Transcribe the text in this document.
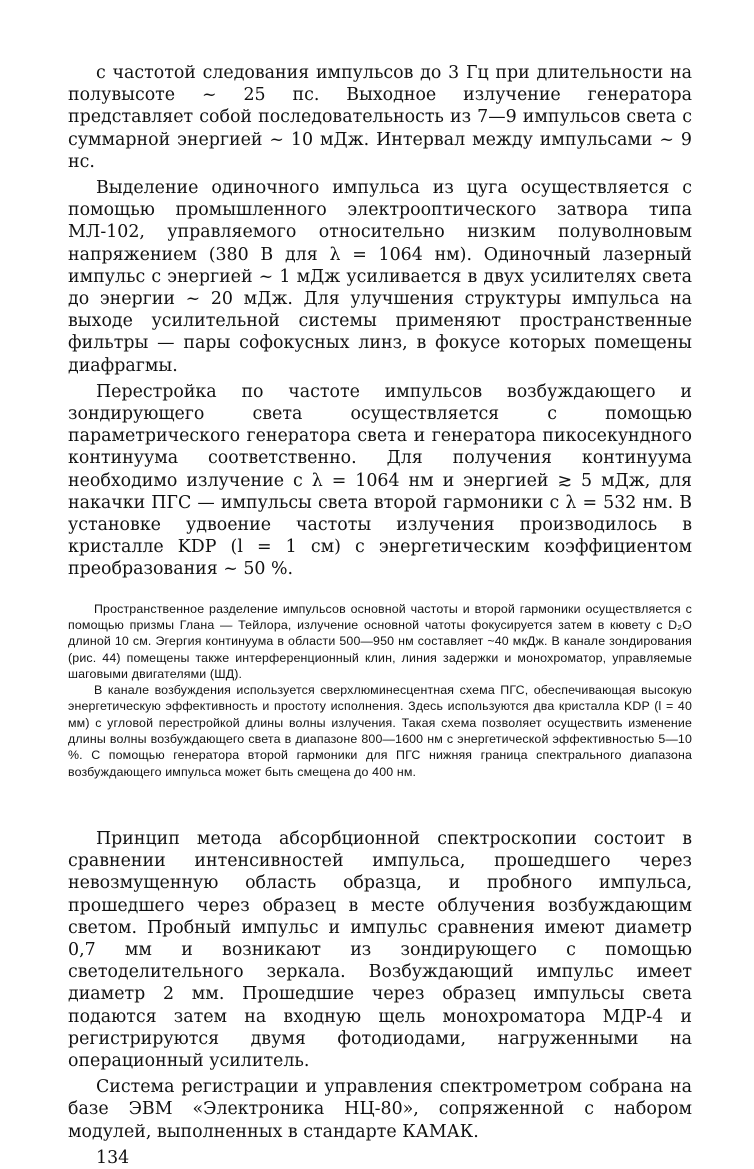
с частотой следования импульсов до 3 Гц при длительности на полувысоте ~ 25 пс. Выходное излучение генератора представляет собой последовательность из 7—9 импульсов света с суммарной энергией ~ 10 мДж. Интервал между импульсами ~ 9 нс.

Выделение одиночного импульса из цуга осуществляется с помощью промышленного электрооптического затвора типа МЛ-102, управляемого относительно низким полуволновым напряжением (380 В для λ = 1064 нм). Одиночный лазерный импульс с энергией ~ 1 мДж усиливается в двух усилителях света до энергии ~ 20 мДж. Для улучшения структуры импульса на выходе усилительной системы применяют пространственные фильтры — пары софокусных линз, в фокусе которых помещены диафрагмы.

Перестройка по частоте импульсов возбуждающего и зондирующего света осуществляется с помощью параметрического генератора света и генератора пикосекундного континуума соответственно. Для получения континуума необходимо излучение с λ = 1064 нм и энергией ≳ 5 мДж, для накачки ПГС — импульсы света второй гармоники с λ = 532 нм. В установке удвоение частоты излучения производилось в кристалле KDP (l = 1 см) с энергетическим коэффициентом преобразования ~ 50 %.

Пространственное разделение импульсов основной частоты и второй гармоники осуществляется с помощью призмы Глана — Тейлора, излучение основной чатоты фокусируется затем в кювету с D₂O длиной 10 см. Эгергия континуума в области 500—950 нм составляет ~40 мкДж. В канале зондирования (рис. 44) помещены также интерференционный клин, линия задержки и монохроматор, управляемые шаговыми двигателями (ШД).

В канале возбуждения используется сверхлюминесцентная схема ПГС, обеспечивающая высокую энергетическую эффективность и простоту исполнения. Здесь используются два кристалла KDP (l = 40 мм) с угловой перестройкой длины волны излучения. Такая схема позволяет осуществить изменение длины волны возбуждающего света в диапазоне 800—1600 нм с энергетической эффективностью 5—10 %. С помощью генератора второй гармоники для ПГС нижняя граница спектрального диапазона возбуждающего импульса может быть смещена до 400 нм.

Принцип метода абсорбционной спектроскопии состоит в сравнении интенсивностей импульса, прошедшего через невозмущенную область образца, и пробного импульса, прошедшего через образец в месте облучения возбуждающим светом. Пробный импульс и импульс сравнения имеют диаметр 0,7 мм и возникают из зондирующего с помощью светоделительного зеркала. Возбуждающий импульс имеет диаметр 2 мм. Прошедшие через образец импульсы света подаются затем на входную щель монохроматора МДР-4 и регистрируются двумя фотодиодами, нагруженными на операционный усилитель.

Система регистрации и управления спектрометром собрана на базе ЭВМ «Электроника НЦ-80», сопряженной с набором модулей, выполненных в стандарте КАМАК.

134
